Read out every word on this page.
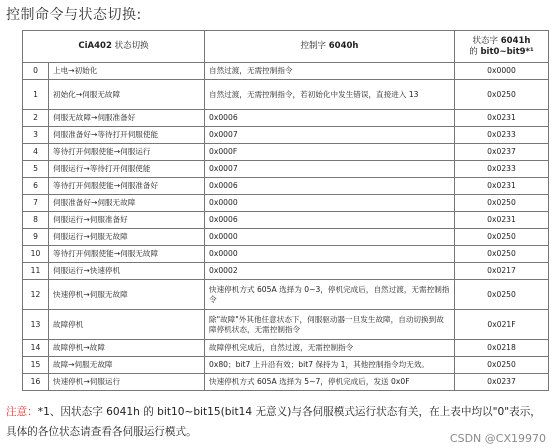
控制命令与状态切换:
CiA402 状态切换		控制字 6040h	状态字 6041h
的 bit0~bit9*¹
0	上电→初始化	自然过渡，无需控制指令	0x0000
1	初始化→伺服无故障	自然过渡，无需控制指令，若初始化中发生错误，直接进入 13	0x0250
2	伺服无故障→伺服准备好	0x0006	0x0231
3	伺服准备好→等待打开伺服使能	0x0007	0x0233
4	等待打开伺服使能→伺服运行	0x000F	0x0237
5	伺服运行→等待打开伺服使能	0x0007	0x0233
6	等待打开伺服使能→伺服准备好	0x0006	0x0231
7	伺服准备好→伺服无故障	0x0000	0x0250
8	伺服运行→伺服准备好	0x0006	0x0231
9	伺服运行→伺服无故障	0x0000	0x0250
10	等待打开伺服使能→伺服无故障	0x0000	0x0250
11	伺服运行→快速停机	0x0002	0x0217
12	快速停机→伺服无故障	快速停机方式 605A 选择为 0~3，停机完成后，自然过渡，无需控制指令	0x0250
13	故障停机	除"故障"外其他任意状态下，伺服驱动器一旦发生故障，自动切换到故障停机状态，无需控制指令	0x021F
14	故障停机→故障	故障停机完成后，自然过渡，无需控制指令	0x0218
15	故障→伺服无故障	0x80；bit7 上升沿有效；bit7 保持为 1，其他控制指令均无效。	0x0250
16	快速停机→伺服运行	快速停机方式 605A 选择为 5~7，停机完成后，发送 0x0F	0x0237
注意：*1、因状态字 6041h 的 bit10~bit15(bit14 无意义)与各伺服模式运行状态有关，在上表中均以"0"表示，具体的各位状态请查看各伺服运行模式。	CSDN @CX19970
